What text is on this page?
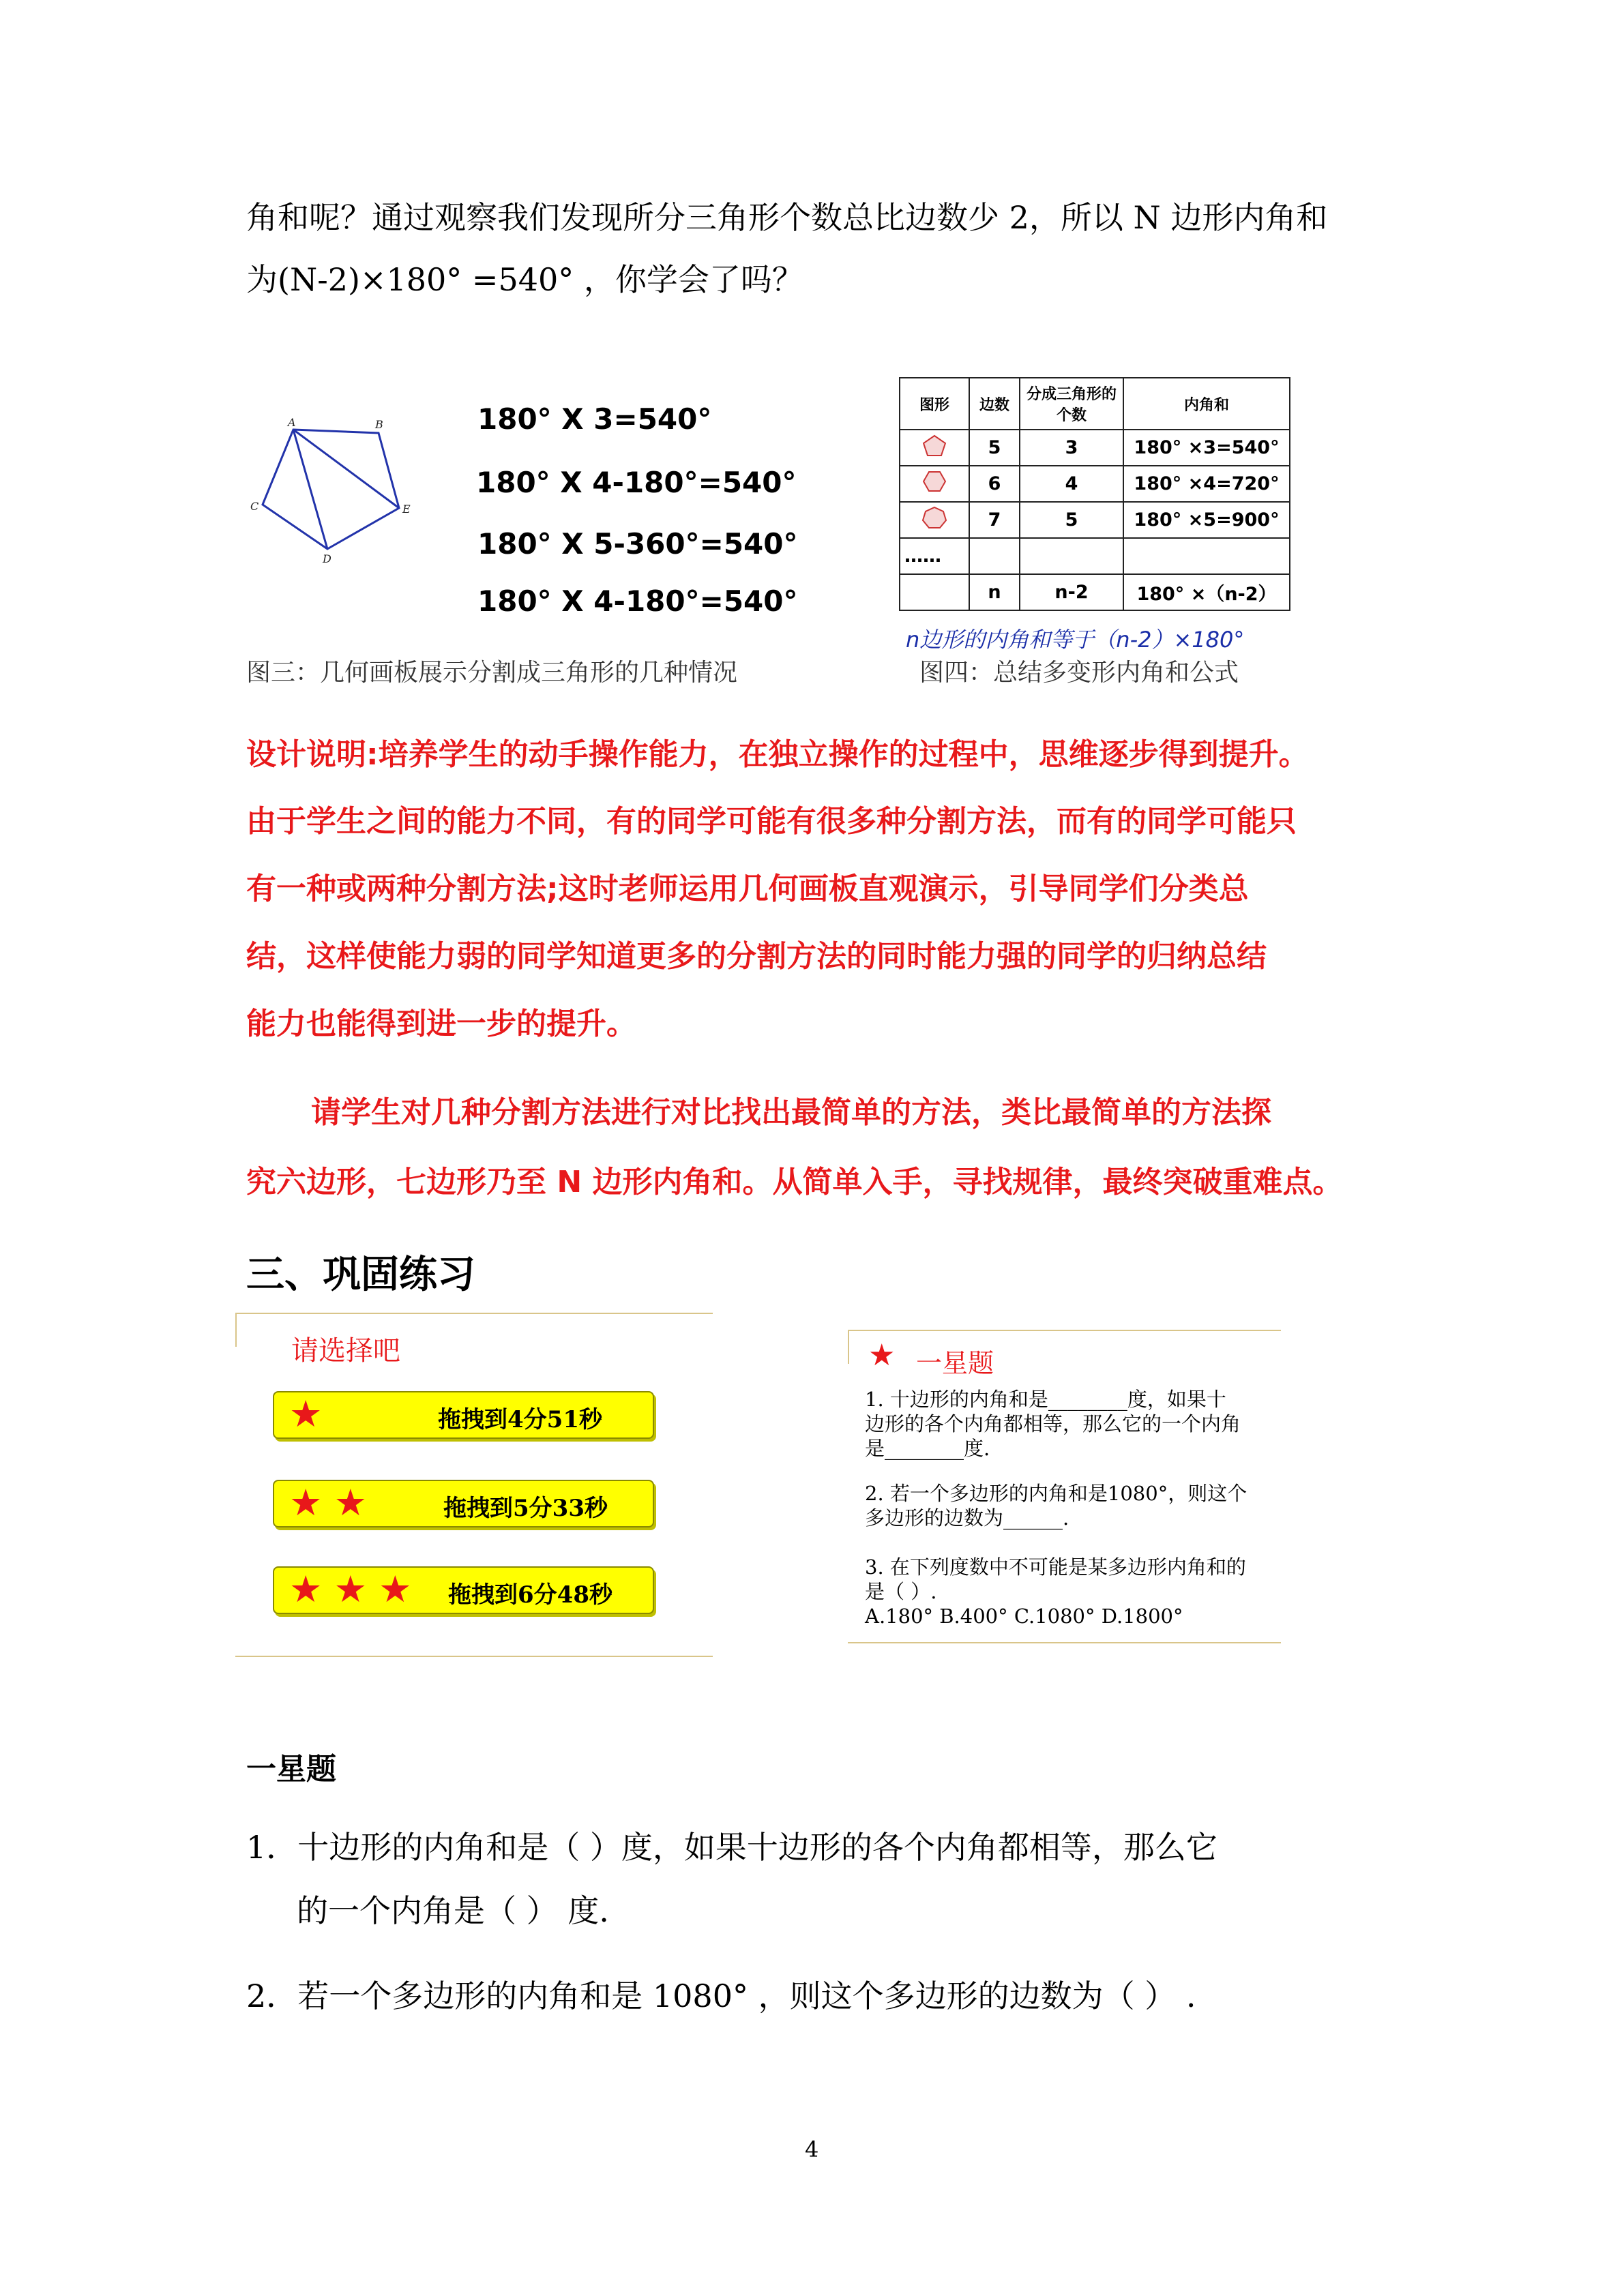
角和呢？通过观察我们发现所分三角形个数总比边数少 2，所以 N 边形内角和
为(N-2)×180° =540° ，你学会了吗？
A	B
C
D
E
180° X 3=540°
180° X 4-180°=540°
180° X 5-360°=540°
180° X 4-180°=540°
图三：几何画板展示分割成三角形的几种情况
图形	边数	分成三角形的个数	内角和
	5	3	180° ×3=540°
	6	4	180° ×4=720°
	7	5	180° ×5=900°
……			
	n	n-2	180° ×（n-2）
n边形的内角和等于（n-2）×180°
图四：总结多变形内角和公式
设计说明:培养学生的动手操作能力，在独立操作的过程中，思维逐步得到提升。
由于学生之间的能力不同，有的同学可能有很多种分割方法，而有的同学可能只
有一种或两种分割方法;这时老师运用几何画板直观演示，引导同学们分类总
结，这样使能力弱的同学知道更多的分割方法的同时能力强的同学的归纳总结
能力也能得到进一步的提升。
请学生对几种分割方法进行对比找出最简单的方法，类比最简单的方法探
究六边形，七边形乃至 N 边形内角和。从简单入手，寻找规律，最终突破重难点。
三、巩固练习
请选择吧
★	拖拽到4分51秒
★ ★	拖拽到5分33秒
★ ★ ★ 拖拽到6分48秒
★ 一星题
1. 十边形的内角和是________度，如果十
边形的各个内角都相等，那么它的一个内角
是________度.
2. 若一个多边形的内角和是1080°，则这个
多边形的边数为______.
3. 在下列度数中不可能是某多边形内角和的
是（ ）.
A.180° B.400° C.1080° D.1800°
一星题
1．十边形的内角和是（ ）度，如果十边形的各个内角都相等，那么它
的一个内角是（ ） 度.
2．若一个多边形的内角和是 1080° ，则这个多边形的边数为（ ） .
4
